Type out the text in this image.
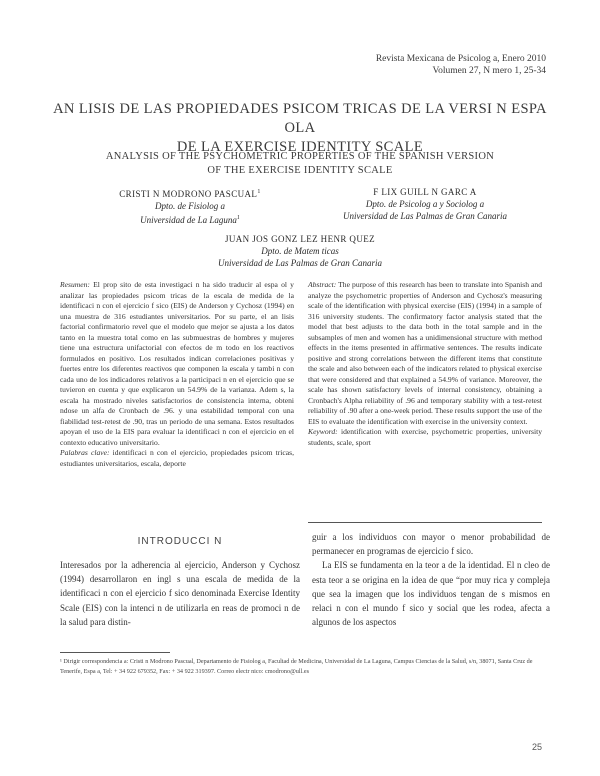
Revista Mexicana de Psicolog a, Enero 2010
Volumen 27, N mero 1, 25-34
AN LISIS DE LAS PROPIEDADES PSICOM TRICAS DE LA VERSI N ESPA OLA
DE LA EXERCISE IDENTITY SCALE
ANALYSIS OF THE PSYCHOMETRIC PROPERTIES OF THE SPANISH VERSION
OF THE EXERCISE IDENTITY SCALE
CRISTI N MODRONO PASCUAL$^1$
Dpto. de Fisiolog a
Universidad de La Laguna$^1$
F LIX GUILL N GARC A
Dpto. de Psicolog a y Sociolog a
Universidad de Las Palmas de Gran Canaria
JUAN JOS GONZ LEZ HENR QUEZ
Dpto. de Matem ticas
Universidad de Las Palmas de Gran Canaria
Resumen: El prop sito de esta investigaci n ha sido traducir al espa ol y analizar las propiedades psicom tricas de la escala de medida de la identificaci n con el ejercicio f sico (EIS) de Anderson y Cychosz (1994) en una muestra de 316 estudiantes universitarios. Por su parte, el an lisis factorial confirmatorio revel que el modelo que mejor se ajusta a los datos tanto en la muestra total como en las submuestras de hombres y mujeres tiene una estructura unifactorial con efectos de m todo en los reactivos formulados en positivo. Los resultados indican correlaciones positivas y fuertes entre los diferentes reactivos que componen la escala y tambi n con cada uno de los indicadores relativos a la participaci n en el ejercicio que se tuvieron en cuenta y que explicaron un 54.9% de la varianza. Adem s, la escala ha mostrado niveles satisfactorios de consistencia interna, obteni ndose un alfa de Cronbach de .96. y una estabilidad temporal con una fiabilidad test-retest de .90, tras un periodo de una semana. Estos resultados apoyan el uso de la EIS para evaluar la identificaci n con el ejercicio en el contexto educativo universitario.
Palabras clave: identificaci n con el ejercicio, propiedades psicom tricas, estudiantes universitarios, escala, deporte
Abstract: The purpose of this research has been to translate into Spanish and analyze the psychometric properties of Anderson and Cychosz's measuring scale of the identification with physical exercise (EIS) (1994) in a sample of 316 university students. The confirmatory factor analysis stated that the model that best adjusts to the data both in the total sample and in the subsamples of men and women has a unidimensional structure with method effects in the items presented in affirmative sentences. The results indicate positive and strong correlations between the different items that constitute the scale and also between each of the indicators related to physical exercise that were considered and that explained a 54.9% of variance. Moreover, the scale has shown satisfactory levels of internal consistency, obtaining a Cronbach's Alpha reliability of .96 and temporary stability with a test-retest reliability of .90 after a one-week period. These results support the use of the EIS to evaluate the identification with exercise in the university context.
Keyword: identification with exercise, psychometric properties, university students, scale, sport
INTRODUCCI N
Interesados por la adherencia al ejercicio, Anderson y Cychosz (1994) desarrollaron en ingl s una escala de medida de la identificaci n con el ejercicio f sico denominada Exercise Identity Scale (EIS) con la intenci n de utilizarla en reas de promoci n de la salud para distin-
guir a los individuos con mayor o menor probabilidad de permanecer en programas de ejercicio f sico.
La EIS se fundamenta en la teor a de la identidad. El n cleo de esta teor a se origina en la idea de que “por muy rica y compleja que sea la imagen que los individuos tengan de s mismos en relaci n con el mundo f sico y social que les rodea, afecta a algunos de los aspectos
¹ Dirigir correspondencia a: Cristi n Modrono Pascual, Departamento de Fisiolog a, Facultad de Medicina, Universidad de La Laguna, Campus Ciencias de la Salud, s/n, 38071, Santa Cruz de Tenerife, Espa a, Tel: + 34 922 679352, Fax: + 34 922 319397. Correo electr nico: cmodrono@ull.es
25
